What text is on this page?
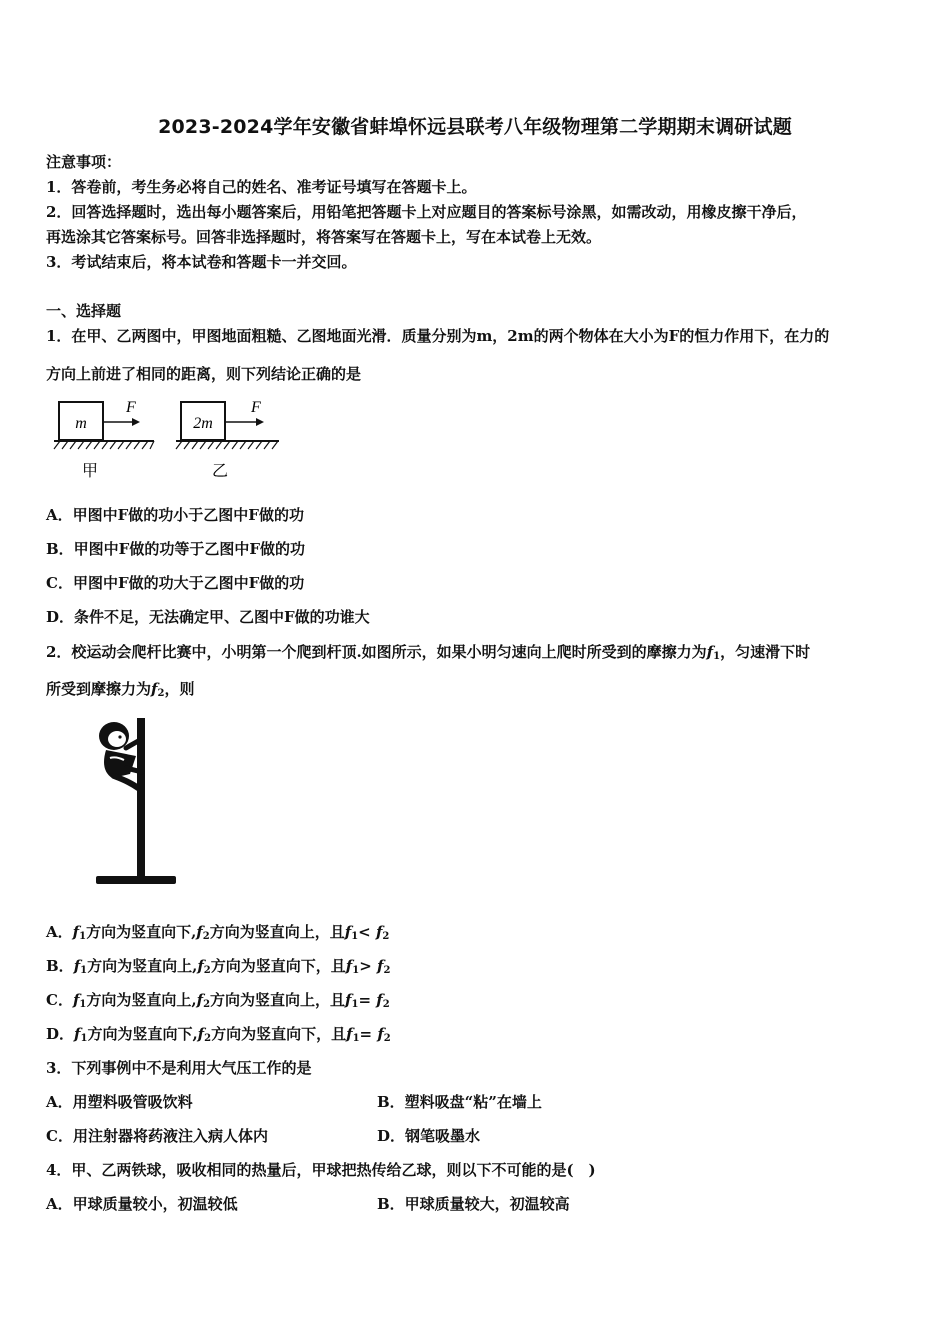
2023-2024学年安徽省蚌埠怀远县联考八年级物理第二学期期末调研试题
注意事项：
1．答卷前，考生务必将自己的姓名、准考证号填写在答题卡上。
2．回答选择题时，选出每小题答案后，用铅笔把答题卡上对应题目的答案标号涂黑，如需改动，用橡皮擦干净后，
再选涂其它答案标号。回答非选择题时，将答案写在答题卡上，写在本试卷上无效。
3．考试结束后，将本试卷和答题卡一并交回。
一、选择题
1．在甲、乙两图中，甲图地面粗糙、乙图地面光滑．质量分别为m，2m的两个物体在大小为F的恒力作用下，在力的
方向上前进了相同的距离，则下列结论正确的是
m
F
甲
2m
F
乙
A．甲图中F做的功小于乙图中F做的功
B．甲图中F做的功等于乙图中F做的功
C．甲图中F做的功大于乙图中F做的功
D．条件不足，无法确定甲、乙图中F做的功谁大
2．校运动会爬杆比赛中，小明第一个爬到杆顶.如图所示，如果小明匀速向上爬时所受到的摩擦力为$f_1$，匀速滑下时
所受到摩擦力为$f_2$，则
A．$f_1$方向为竖直向下$,f_2$方向为竖直向上，且$f_1< f_2$
B．$f_1$方向为竖直向上$,f_2$方向为竖直向下，且$f_1> f_2$
C．$f_1$方向为竖直向上$,f_2$方向为竖直向上，且$f_1= f_2$
D．$f_1$方向为竖直向下$,f_2$方向为竖直向下，且$f_1= f_2$
3．下列事例中不是利用大气压工作的是
A．用塑料吸管吸饮料	B．塑料吸盘“粘”在墙上
C．用注射器将药液注入病人体内	D．钢笔吸墨水
4．甲、乙两铁球，吸收相同的热量后，甲球把热传给乙球，则以下不可能的是(　)
A．甲球质量较小，初温较低	B．甲球质量较大，初温较高
